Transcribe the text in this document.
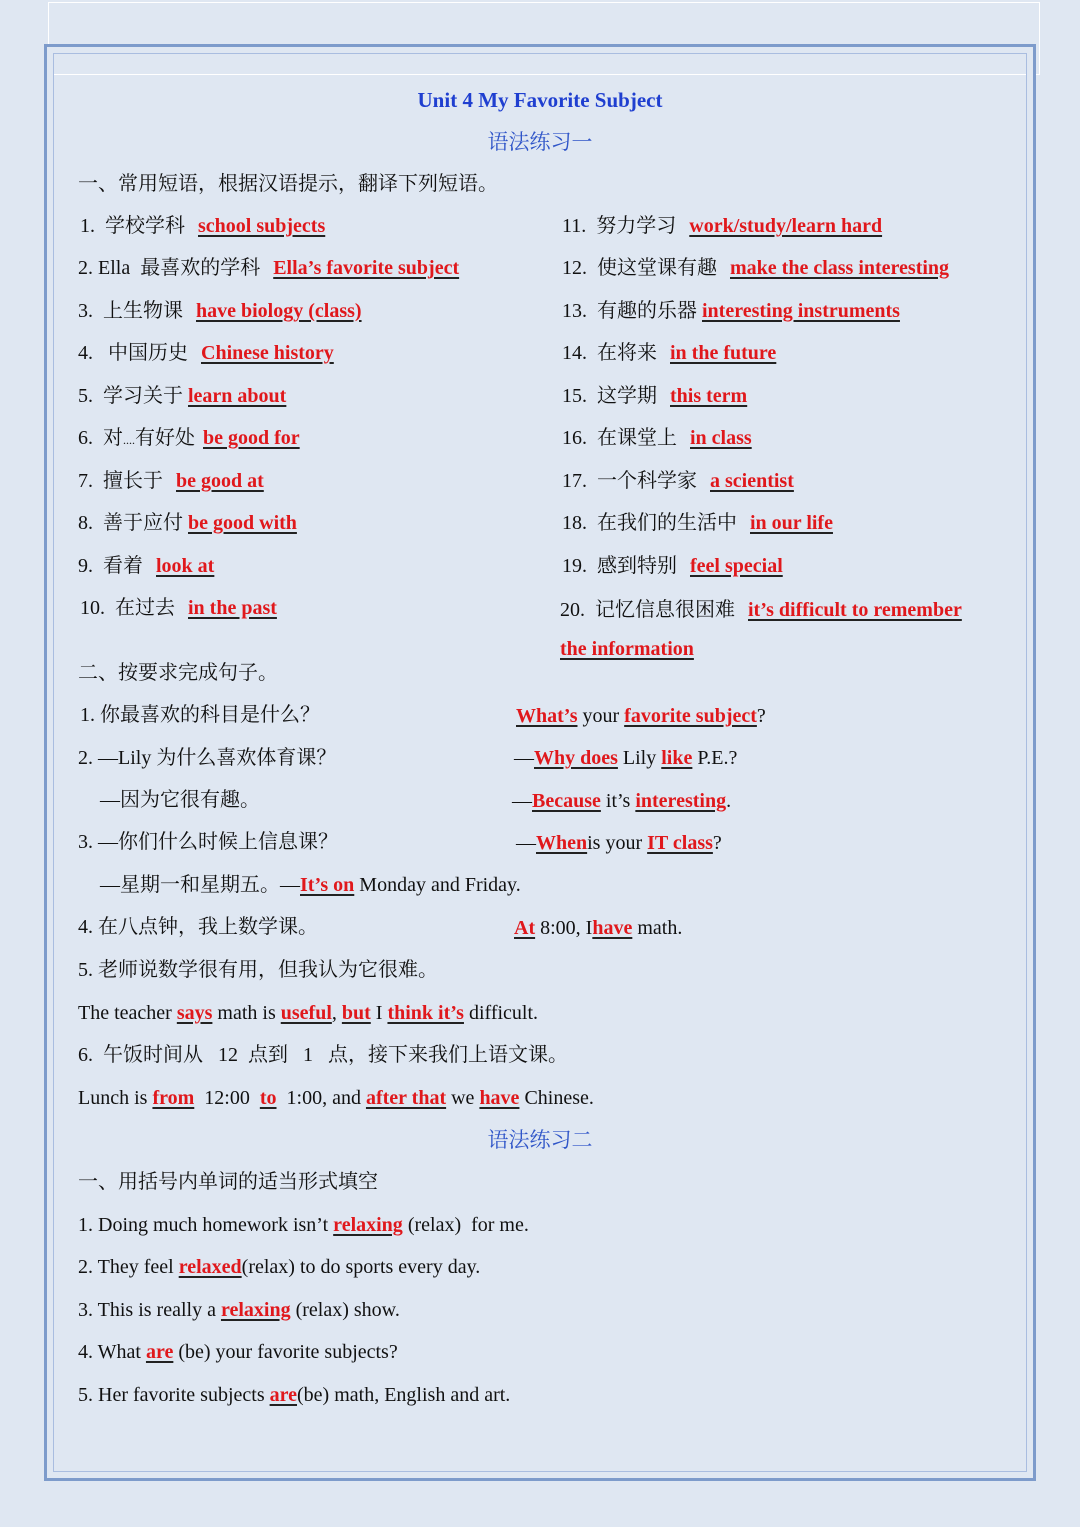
Unit 4 My Favorite Subject
语法练习一
一、常用短语，根据汉语提示，翻译下列短语。
1. 学校学科 school subjects
2. Ella 最喜欢的学科 Ella’s favorite subject
3. 上生物课 have biology (class)
4. 中国历史 Chinese history
5. 学习关于 learn about
6. 对....有好处 be good for
7. 擅长于 be good at
8. 善于应付 be good with
9. 看着 look at
10. 在过去 in the past
11. 努力学习 work/study/learn hard
12. 使这堂课有趣 make the class interesting
13. 有趣的乐器 interesting instruments
14. 在将来 in the future
15. 这学期 this term
16. 在课堂上 in class
17. 一个科学家 a scientist
18. 在我们的生活中 in our life
19. 感到特别 feel special
20. 记忆信息很困难 it’s difficult to remember
the information
二、按要求完成句子。
1. 你最喜欢的科目是什么？	What’s your favorite subject?
2. —Lily 为什么喜欢体育课？	—Why does Lily like P.E.?
—因为它很有趣。	—Because it’s interesting.
3. —你们什么时候上信息课？	—Whenis your IT class?
—星期一和星期五。—It’s on Monday and Friday.
4. 在八点钟，我上数学课。	At 8:00, Ihave math.
5. 老师说数学很有用，但我认为它很难。
The teacher says math is useful, but I think it’s difficult.
6.  午饭时间从   12  点到   1   点，接下来我们上语文课。
Lunch is from  12:00  to  1:00, and after that we have Chinese.
语法练习二
一、用括号内单词的适当形式填空
1. Doing much homework isn’t relaxing (relax)  for me.
2. They feel relaxed(relax) to do sports every day.
3. This is really a relaxing (relax) show.
4. What are (be) your favorite subjects?
5. Her favorite subjects are(be) math, English and art.
